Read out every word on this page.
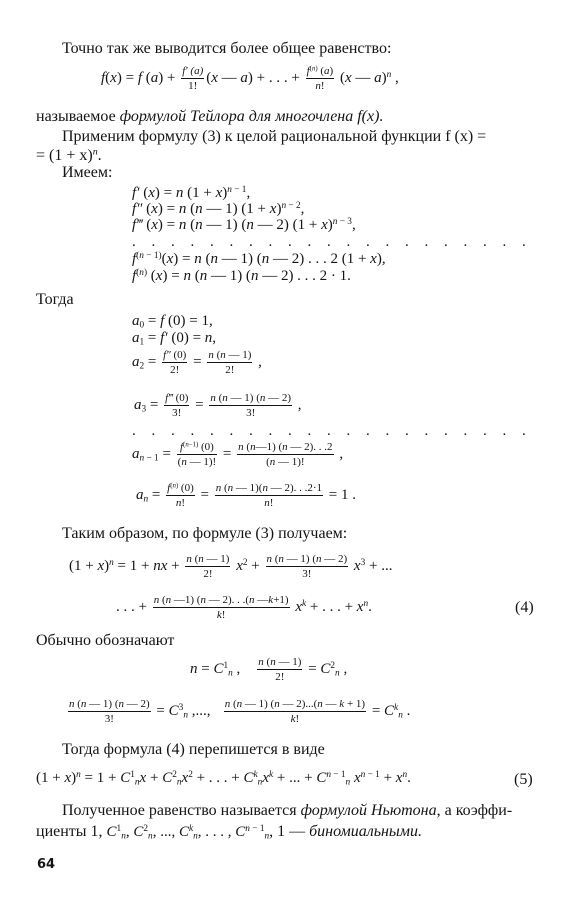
Точно так же выводится более общее равенство:
f(x) = f $(a) + \frac{f' (a)}{1!} (x$ — a) + . . . + $\frac{f^{(n)} (a)}{n!} (x$ — a)$^n$ ,
называемое формулой Тейлора для многочлена f(x).
Применим формулу (3) к целой рациональной функции f (x) =
= $(1 + x)^n$.
Имеем:
f′ (x) = n $(1 + x)^{n - 1}$,
f″ (x) = n (n — 1) $(1 + x)^{n - 2}$,
f‴ (x) = n (n — 1) (n — 2) $(1 + x)^{n - 3}$,
. . . . . . . . . . . . . . . . . . . . .
$f^{(n - 1)}(x) = n$ (n — 1) (n — 2) . . . 2 (1 + x),
$f^{(n)}$ (x) = n (n — 1) (n — 2) . . . 2 · 1.
Тогда
$a_0 = f$ (0) = 1,
$a_1 = f'$ (0) = n,
$a_2 = \frac{f'' (0)}{2!} = \frac{n (n — 1)}{2!}$ ,
$a_3 = \frac{f‴ (0)}{3!} = \frac{n (n — 1) (n — 2)}{3!}$ ,
. . . . . . . . . . . . . . . . . . . . .
$a_{n - 1} = \frac{f^{(n-1)} (0)}{(n — 1)!} = \frac{n (n—1) (n — 2). . .2}{(n — 1)!}$ ,
$a_n = \frac{f^{(n)} (0)}{n!} = \frac{n (n — 1)(n — 2). . .2\cdot 1}{n!} = 1$ .
Таким образом, по формуле (3) получаем:
$(1 + x)^n = 1$ + nx + $\frac{n (n — 1)}{2!} x^2 + \frac{n (n — 1) (n — 2)}{3!} x^3$ + ...
. . . + $\frac{n (n —1) (n — 2). . .(n —k+1)}{k!} x^k$ + . . . + $x^n$.	(4)
Обычно обозначают
$n = C^1_n$ , $\frac{n (n — 1)}{2!} = C^2_n$ ,
$\frac{n (n — 1) (n — 2)}{3!} = C^3_n$ ,..., $\frac{n (n — 1) (n — 2)...(n — k + 1)}{k!} = C^k_n$ .
Тогда формула (4) перепишется в виде
$(1 + x)^n = 1 + C^1_nx + C^2_nx^2$ + . . . + $C^k_nx^k$ + ... + $C^{n - 1}_n$ $x^{n - 1} + x^n$.	(5)
Полученное равенство называется формулой Ньютона, а коэффи-
циенты 1, $C^1_n$, $C^2_n$, ..., $C^k_n$, . . . , $C^{n - 1}_n$, 1 — биномиальными.
64
